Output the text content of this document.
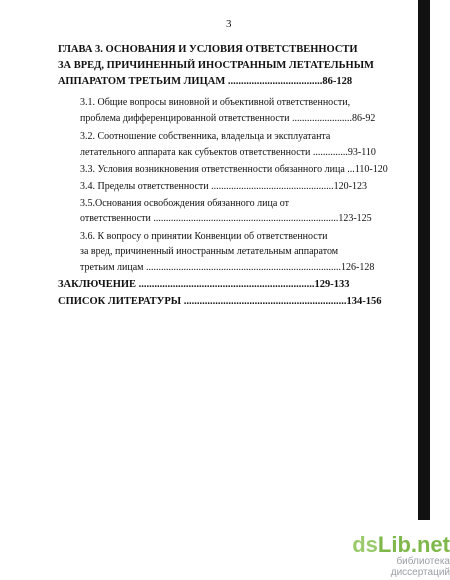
3
ГЛАВА 3. ОСНОВАНИЯ И УСЛОВИЯ ОТВЕТСТВЕННОСТИ
ЗА ВРЕД, ПРИЧИНЕННЫЙ ИНОСТРАННЫМ ЛЕТАТЕЛЬНЫМ
АППАРАТОМ ТРЕТЬИМ ЛИЦАМ ....................................86-128
3.1. Общие вопросы виновной и объективной ответственности,
проблема дифференцированной ответственности ........................86-92
3.2. Соотношение собственника, владельца и эксплуатанта
летательного аппарата как субъектов ответственности ..............93-110
3.3. Условия возникновения ответственности обязанного лица ...110-120
3.4. Пределы ответственности .................................................120-123
3.5.Основания освобождения обязанного лица от
ответственности ..........................................................................123-125
3.6. К вопросу о принятии Конвенции об ответственности
за вред, причиненный иностранным летательным аппаратом
третьим лицам ..............................................................................126-128
ЗАКЛЮЧЕНИЕ ...................................................................129-133
СПИСОК ЛИТЕРАТУРЫ ..............................................................134-156
dsLib.net
библиотека диссертаций
